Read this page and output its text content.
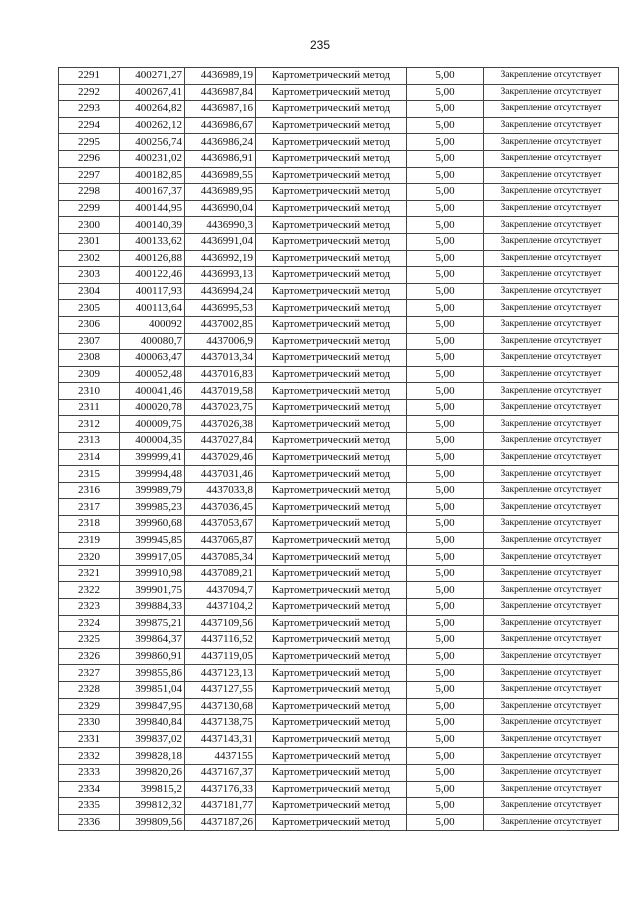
235
2291	400271,27	4436989,19	Картометрический метод	5,00	Закрепление отсутствует
2292	400267,41	4436987,84	Картометрический метод	5,00	Закрепление отсутствует
2293	400264,82	4436987,16	Картометрический метод	5,00	Закрепление отсутствует
2294	400262,12	4436986,67	Картометрический метод	5,00	Закрепление отсутствует
2295	400256,74	4436986,24	Картометрический метод	5,00	Закрепление отсутствует
2296	400231,02	4436986,91	Картометрический метод	5,00	Закрепление отсутствует
2297	400182,85	4436989,55	Картометрический метод	5,00	Закрепление отсутствует
2298	400167,37	4436989,95	Картометрический метод	5,00	Закрепление отсутствует
2299	400144,95	4436990,04	Картометрический метод	5,00	Закрепление отсутствует
2300	400140,39	4436990,3	Картометрический метод	5,00	Закрепление отсутствует
2301	400133,62	4436991,04	Картометрический метод	5,00	Закрепление отсутствует
2302	400126,88	4436992,19	Картометрический метод	5,00	Закрепление отсутствует
2303	400122,46	4436993,13	Картометрический метод	5,00	Закрепление отсутствует
2304	400117,93	4436994,24	Картометрический метод	5,00	Закрепление отсутствует
2305	400113,64	4436995,53	Картометрический метод	5,00	Закрепление отсутствует
2306	400092	4437002,85	Картометрический метод	5,00	Закрепление отсутствует
2307	400080,7	4437006,9	Картометрический метод	5,00	Закрепление отсутствует
2308	400063,47	4437013,34	Картометрический метод	5,00	Закрепление отсутствует
2309	400052,48	4437016,83	Картометрический метод	5,00	Закрепление отсутствует
2310	400041,46	4437019,58	Картометрический метод	5,00	Закрепление отсутствует
2311	400020,78	4437023,75	Картометрический метод	5,00	Закрепление отсутствует
2312	400009,75	4437026,38	Картометрический метод	5,00	Закрепление отсутствует
2313	400004,35	4437027,84	Картометрический метод	5,00	Закрепление отсутствует
2314	399999,41	4437029,46	Картометрический метод	5,00	Закрепление отсутствует
2315	399994,48	4437031,46	Картометрический метод	5,00	Закрепление отсутствует
2316	399989,79	4437033,8	Картометрический метод	5,00	Закрепление отсутствует
2317	399985,23	4437036,45	Картометрический метод	5,00	Закрепление отсутствует
2318	399960,68	4437053,67	Картометрический метод	5,00	Закрепление отсутствует
2319	399945,85	4437065,87	Картометрический метод	5,00	Закрепление отсутствует
2320	399917,05	4437085,34	Картометрический метод	5,00	Закрепление отсутствует
2321	399910,98	4437089,21	Картометрический метод	5,00	Закрепление отсутствует
2322	399901,75	4437094,7	Картометрический метод	5,00	Закрепление отсутствует
2323	399884,33	4437104,2	Картометрический метод	5,00	Закрепление отсутствует
2324	399875,21	4437109,56	Картометрический метод	5,00	Закрепление отсутствует
2325	399864,37	4437116,52	Картометрический метод	5,00	Закрепление отсутствует
2326	399860,91	4437119,05	Картометрический метод	5,00	Закрепление отсутствует
2327	399855,86	4437123,13	Картометрический метод	5,00	Закрепление отсутствует
2328	399851,04	4437127,55	Картометрический метод	5,00	Закрепление отсутствует
2329	399847,95	4437130,68	Картометрический метод	5,00	Закрепление отсутствует
2330	399840,84	4437138,75	Картометрический метод	5,00	Закрепление отсутствует
2331	399837,02	4437143,31	Картометрический метод	5,00	Закрепление отсутствует
2332	399828,18	4437155	Картометрический метод	5,00	Закрепление отсутствует
2333	399820,26	4437167,37	Картометрический метод	5,00	Закрепление отсутствует
2334	399815,2	4437176,33	Картометрический метод	5,00	Закрепление отсутствует
2335	399812,32	4437181,77	Картометрический метод	5,00	Закрепление отсутствует
2336	399809,56	4437187,26	Картометрический метод	5,00	Закрепление отсутствует
